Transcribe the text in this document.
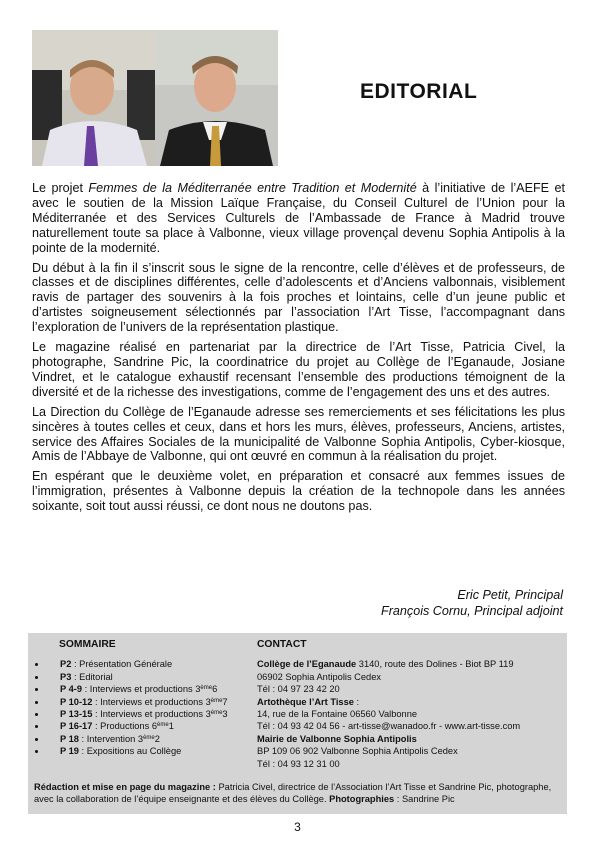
EDITORIAL

Le projet Femmes de la Méditerranée entre Tradition et Modernité à l’initiative de l’AEFE et avec le soutien de la Mission Laïque Française, du Conseil Culturel de l’Union pour la Méditerranée et des Services Culturels de l’Ambassade de France à Madrid trouve naturellement toute sa place à Valbonne, vieux village provençal devenu Sophia Antipolis à la pointe de la modernité.

Du début à la fin il s’inscrit sous le signe de la rencontre, celle d’élèves et de professeurs, de classes et de disciplines différentes, celle d’adolescents et d’Anciens valbonnais, visiblement ravis de partager des souvenirs à la fois proches et lointains, celle d’un jeune public et d’artistes soigneusement sélectionnés par l’association l’Art Tisse, l’accompagnant dans l’exploration de l’univers de la représentation plastique.

Le magazine réalisé en partenariat par la directrice de l’Art Tisse, Patricia Civel, la photographe, Sandrine Pic, la coordinatrice du projet au Collège de l’Eganaude, Josiane Vindret, et le catalogue exhaustif recensant l’ensemble des productions témoignent de la diversité et de la richesse des investigations, comme de l’engagement des uns et des autres.

La Direction du Collège de l’Eganaude adresse ses remerciements et ses félicitations les plus sincères à toutes celles et ceux, dans et hors les murs, élèves, professeurs, Anciens, artistes, service des Affaires Sociales de la municipalité de Valbonne Sophia Antipolis, Cyber-kiosque, Amis de l’Abbaye de Valbonne, qui ont œuvré en commun à la réalisation du projet.

En espérant que le deuxième volet, en préparation et consacré aux femmes issues de l’immigration, présentes à Valbonne depuis la création de la technopole dans les années soixante, soit tout aussi réussi, ce dont nous ne doutons pas.

Eric Petit, Principal
François Cornu, Principal adjoint
SOMMAIRE
P2 : Présentation Générale
P3 : Editorial
P 4-9 : Interviews et productions 3ème6
P 10-12 : Interviews et productions 3ème7
P 13-15 : Interviews et productions 3ème3
P 16-17 : Productions 6ème1
P 18 : Intervention 3ème2
P 19 : Expositions au Collège
CONTACT
Collège de l’Eganaude 3140, route des Dolines - Biot BP 119
06902 Sophia Antipolis Cedex
Tél : 04 97 23 42 20
Artothèque l’Art Tisse :
14, rue de la Fontaine 06560 Valbonne
Tél : 04 93 42 04 56 - art-tisse@wanadoo.fr - www.art-tisse.com
Mairie de Valbonne Sophia Antipolis
BP 109 06 902 Valbonne Sophia Antipolis Cedex
Tél : 04 93 12 31 00
Rédaction et mise en page du magazine : Patricia Civel, directrice de l’Association l’Art Tisse et Sandrine Pic, photographe, avec la collaboration de l’équipe enseignante et des élèves du Collège. Photographies : Sandrine Pic
3
